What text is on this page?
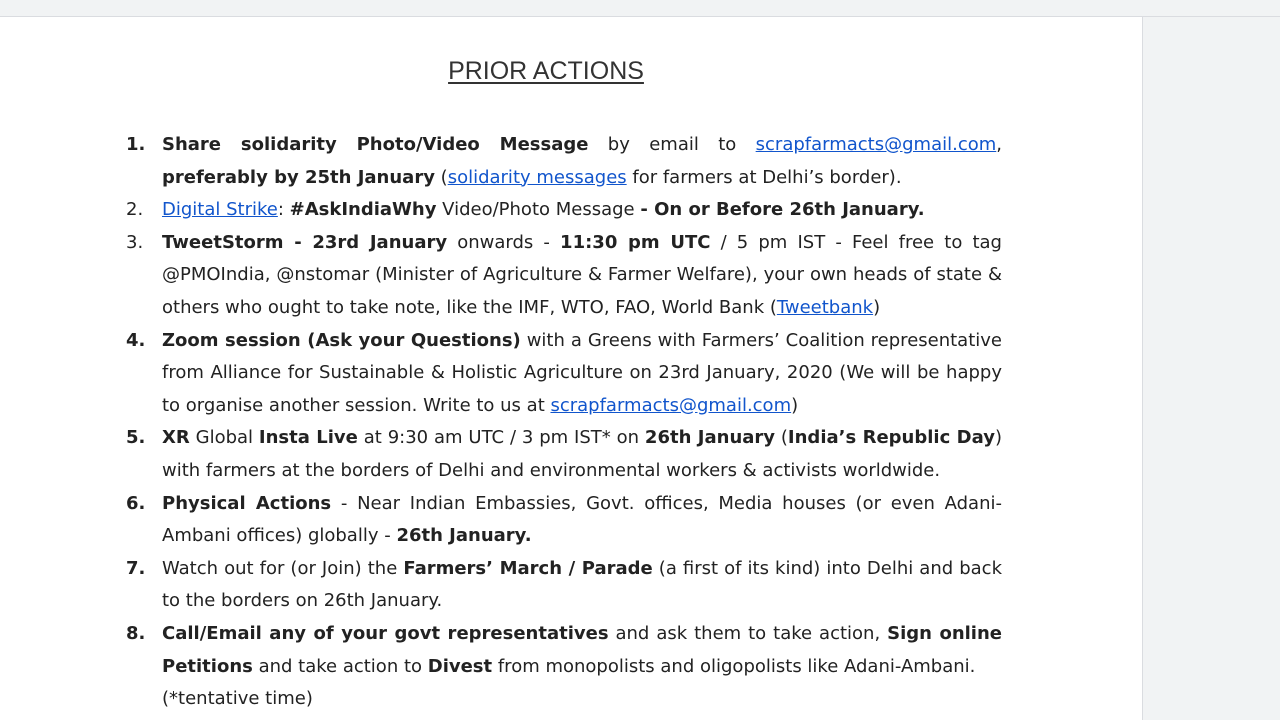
PRIOR ACTIONS
1. Share solidarity Photo/Video Message by email to scrapfarmacts@gmail.com, preferably by 25th January (solidarity messages for farmers at Delhi’s border).
2.	Digital Strike: #AskIndiaWhy Video/Photo Message - On or Before 26th January.
3.	TweetStorm - 23rd January onwards - 11:30 pm UTC / 5 pm IST - Feel free to tag @PMOIndia, @nstomar (Minister of Agriculture & Farmer Welfare), your own heads of state & others who ought to take note, like the IMF, WTO, FAO, World Bank (Tweetbank)
4. Zoom session (Ask your Questions) with a Greens with Farmers’ Coalition representative from Alliance for Sustainable & Holistic Agriculture on 23rd January, 2020 (We will be happy to organise another session. Write to us at scrapfarmacts@gmail.com)
5. XR Global Insta Live at 9:30 am UTC / 3 pm IST* on 26th January (India’s Republic Day) with farmers at the borders of Delhi and environmental workers & activists worldwide.
6. Physical Actions - Near Indian Embassies, Govt. offices, Media houses (or even Adani-Ambani offices) globally - 26th January.
7. Watch out for (or Join) the Farmers’ March / Parade (a first of its kind) into Delhi and back to the borders on 26th January.
8. Call/Email any of your govt representatives and ask them to take action, Sign online Petitions and take action to Divest from monopolists and oligopolists like Adani-Ambani.
(*tentative time)
